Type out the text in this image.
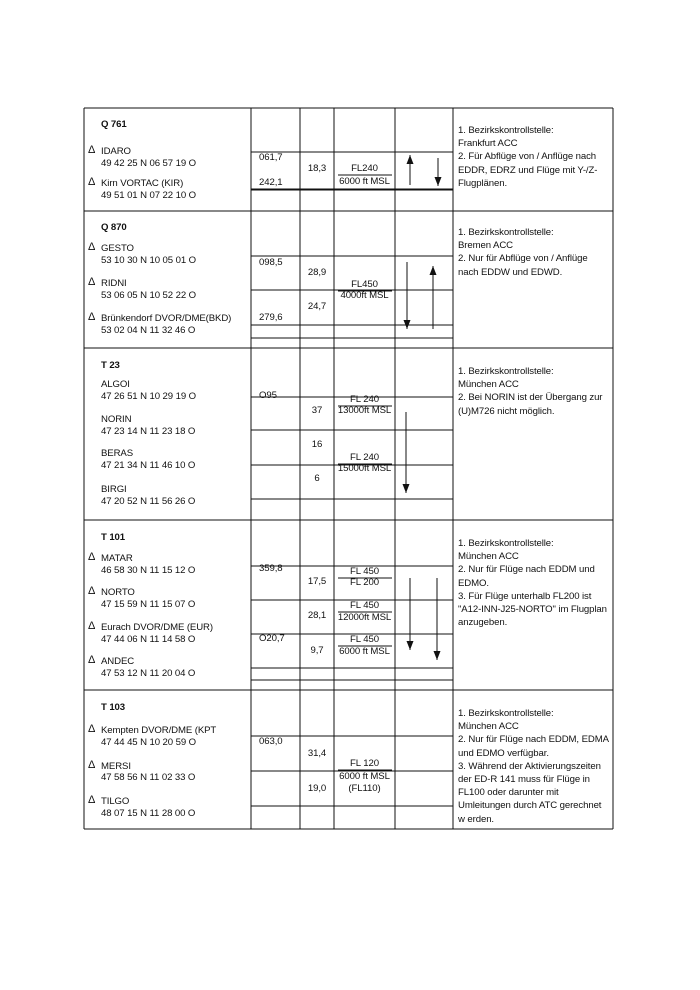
Q 761
Δ IDARO
49 42 25 N 06 57 19 O
Δ Kirn VORTAC (KIR)
49 51 01 N 07 22 10 O
061,7
242,1
18,3	FL240
6000 ft MSL
1. Bezirkskontrollstelle:
Frankfurt ACC
2. Für Abflüge von / Anflüge nach
EDDR, EDRZ und Flüge mit Y-/Z-
Flugplänen.
Q 870
Δ GESTO
53 10 30 N 10 05 01 O
Δ RIDNI
53 06 05 N 10 52 22 O
Δ Brünkendorf DVOR/DME(BKD)
53 02 04 N 11 32 46 O
098,5
279,6
28,9
24,7
FL450
4000ft MSL
1. Bezirkskontrollstelle:
Bremen ACC
2. Nur für Abflüge von / Anflüge
nach EDDW und EDWD.
T 23
ALGOI
47 26 51 N 10 29 19 O
NORIN
47 23 14 N 11 23 18 O
BERAS
47 21 34 N 11 46 10 O
BIRGI
47 20 52 N 11 56 26 O
O95
37
16
6
FL 240
13000ft MSL
FL 240
15000ft MSL
1. Bezirkskontrollstelle:
München ACC
2. Bei NORIN ist der Übergang zur
(U)M726 nicht möglich.
T 101
Δ MATAR
46 58 30 N 11 15 12 O
Δ NORTO
47 15 59 N 11 15 07 O
Δ Eurach DVOR/DME (EUR)
47 44 06 N 11 14 58 O
Δ ANDEC
47 53 12 N 11 20 04 O
359,8
O20,7
17,5
28,1
9,7
FL 450
FL 200
FL 450
12000ft MSL
FL 450
6000 ft MSL
1. Bezirkskontrollstelle:
München ACC
2. Nur für Flüge nach EDDM und
EDMO.
3. Für Flüge unterhalb FL200 ist
"A12-INN-J25-NORTO" im Flugplan
anzugeben.
T 103
Δ Kempten DVOR/DME (KPT
47 44 45 N 10 20 59 O
Δ MERSI
47 58 56 N 11 02 33 O
Δ TILGO
48 07 15 N 11 28 00 O
063,0
31,4
19,0
FL 120
6000 ft MSL
(FL110)
1. Bezirkskontrollstelle:
München ACC
2. Nur für Flüge nach EDDM, EDMA
und EDMO verfügbar.
3. Während der Aktivierungszeiten
der ED-R 141 muss für Flüge in
FL100 oder darunter mit
Umleitungen durch ATC gerechnet
w erden.
